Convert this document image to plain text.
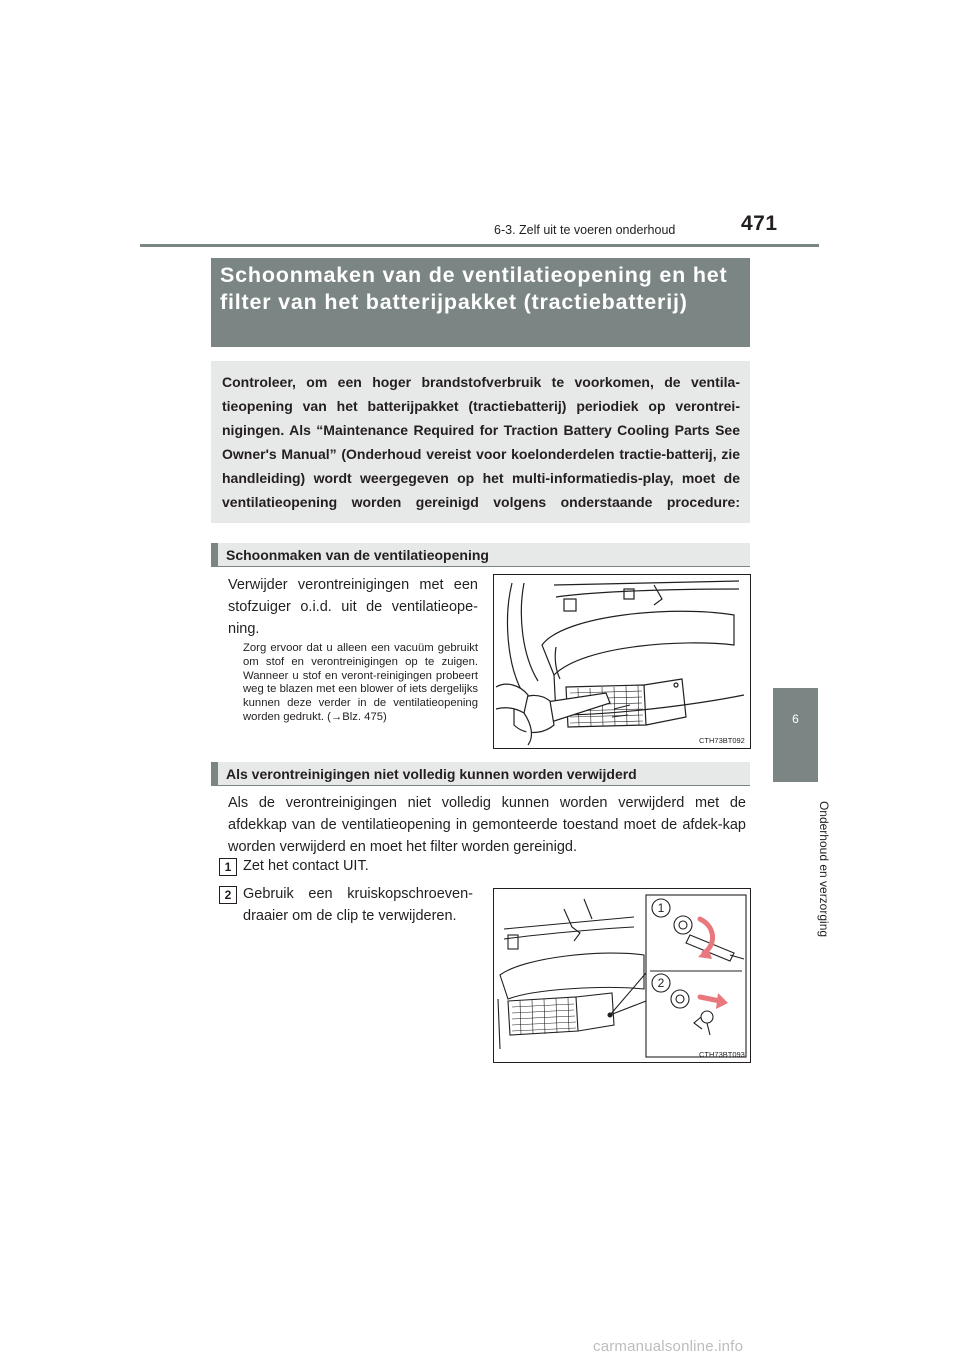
6-3. Zelf uit te voeren onderhoud	471
6
Onderhoud en verzorging
Schoonmaken van de ventilatieopening en het filter van het batterijpakket (tractiebatterij)
Controleer, om een hoger brandstofverbruik te voorkomen, de ventila-tieopening van het batterijpakket (tractiebatterij) periodiek op verontrei-nigingen. Als “Maintenance Required for Traction Battery Cooling Parts See Owner's Manual” (Onderhoud vereist voor koelonderdelen tractie-batterij, zie handleiding) wordt weergegeven op het multi-informatiedis-play, moet de ventilatieopening worden gereinigd volgens onderstaande procedure:
Schoonmaken van de ventilatieopening
Verwijder verontreinigingen met een stofzuiger o.i.d. uit de ventilatieope-ning.
Zorg ervoor dat u alleen een vacuüm gebruikt om stof en verontreinigingen op te zuigen. Wanneer u stof en veront-reinigingen probeert weg te blazen met een blower of iets dergelijks kunnen deze verder in de ventilatieopening worden gedrukt. (→Blz. 475)
CTH73BT092
Als verontreinigingen niet volledig kunnen worden verwijderd
Als de verontreinigingen niet volledig kunnen worden verwijderd met de afdekkap van de ventilatieopening in gemonteerde toestand moet de afdek-kap worden verwijderd en moet het filter worden gereinigd.
1 Zet het contact UIT.
2 Gebruik een kruiskopschroeven-draaier om de clip te verwijderen.	1
2
CTH73BT093
carmanualsonline.info
